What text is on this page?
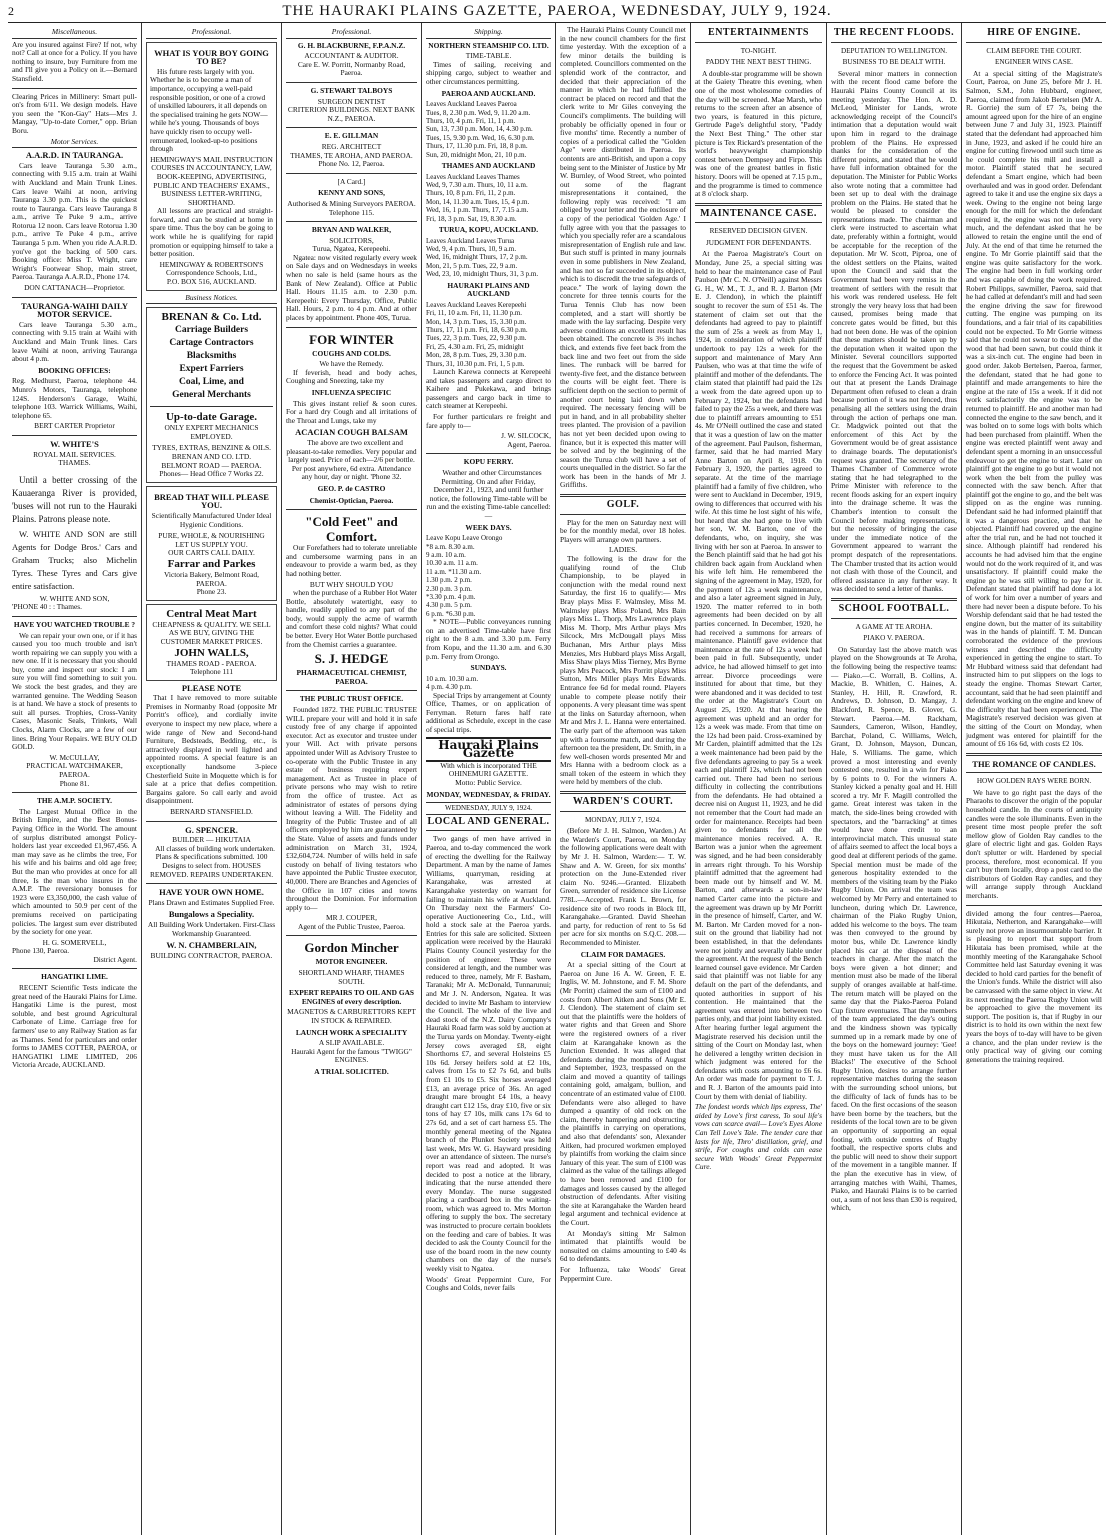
2	THE HAURAKI PLAINS GAZETTE, PAEROA, WEDNESDAY, JULY 9, 1924.
Miscellaneous.

Are you insured against Fire? If not, why not? Call at once for a Policy. If you have nothing to insure, buy Furniture from me and I'll give you a Policy on it.—Bernard Stansfield.

Clearing Prices in Millinery: Smart pull-on's from 6/11. We design models. Have you seen the "Kon-Gay" Hats—Mrs J. Mangay, "Up-to-date Corner," opp. Brian Boru.

Motor Services.
A.A.R.D. IN TAURANGA.

Cars leave Tauranga 5.30 a.m., connecting with 9.15 a.m. train at Waihi with Auckland and Main Trunk Lines. Cars leave Waihi at noon, arriving Tauranga 3.30 p.m. This is the quickest route to Tauranga. Cars leave Tauranga 8 a.m., arrive Te Puke 9 a.m., arrive Rotorua 12 noon. Cars leave Rotorua 1.30 p.m., arrive Te Puke 4 p.m., arrive Tauranga 5 p.m. When you ride A.A.R.D. you've got the backing of 500 cars. Booking office: Miss T. Wright, care Wright's Footwear Shop, main street, Paeroa. Tauranga A.A.R.D., Phone 174.

DON CATTANACH—Proprietor.
TAURANGA-WAIHI DAILY MOTOR SERVICE.

Cars leave Tauranga 5.30 a.m., connecting with 9.15 train at Waihi with Auckland and Main Trunk lines. Cars leave Waihi at noon, arriving Tauranga about 4 p.m.

BOOKING OFFICES:

Reg. Medhurst, Paeroa, telephone 44. Munro's Motors, Tauranga, telephone 124S. Henderson's Garage, Waihi, telephone 103. Warrick Williams, Waihi, telephone 65.

BERT CARTER Proprietor
W. WHITE'S
ROYAL MAIL SERVICES.
THAMES.

Until a better crossing of the Kauaeranga River is provided, 'buses will not run to the Hauraki Plains. Patrons please note.

W. WHITE AND SON are still Agents for Dodge Bros.' Cars and Graham Trucks; also Michelin Tyres. These Tyres and Cars give entire satisfaction.

W. WHITE AND SON,
'PHONE 40 : : Thames.
HAVE YOU WATCHED TROUBLE ?

We can repair your own one, or if it has caused you too much trouble and isn't worth repairing we can supply you with a new one. If it is necessary that you should buy, come and inspect our stock: I am sure you will find something to suit you. We stock the best grades, and they are warranted genuine. The Wedding Season is at hand. We have a stock of presents to suit all purses. Trophies, Cross-Vanity Cases, Masonic Seals, Trinkets, Wall Clocks, Alarm Clocks, are a few of our lines. Bring Your Repairs. WE BUY OLD GOLD.

W. McCULLAY,
PRACTICAL WATCHMAKER, PAEROA.
Phone 81.
THE A.M.P. SOCIETY.

The Largest Mutual Office in the British Empire, and the Best Bonus-Paying Office in the World. The amount of surplus distributed amongst Policy-holders last year exceeded £1,967,456. A man may save as he climbs the tree, For his wife and his bairns and old age free; But the man who provides at once for all three, Is the man who insures in the A.M.P. The reversionary bonuses for 1923 were £3,350,000, the cash value of which amounted to 50.9 per cent of the premiums received on participating policies. The largest sum ever distributed by the society for one year.

H. G. SOMERVELL,
Phone 130, Paeroa.
District Agent.
HANGATIKI LIME.

RECENT Scientific Tests indicate the great need of the Hauraki Plains for Lime. Hangatiki Lime is the purest, most soluble, and best ground Agricultural Carbonate of Lime. Carriage free for farmers' use to any Railway Station as far as Thames. Send for particulars and order forms to JAMES COTTER, PAEROA, or HANGATIKI LIME LIMITED, 206 Victoria Arcade, AUCKLAND.

Professional.
WHAT IS YOUR BOY GOING TO BE?

His future rests largely with you. Whether he is to become a man of importance, occupying a well-paid responsible position, or one of a crowd of unskilled labourers, it all depends on the specialised training he gets NOW—while he's young. Thousands of boys have quickly risen to occupy well-remunerated, looked-up-to positions through

HEMINGWAY'S MAIL INSTRUCTION COURSES IN ACCOUNTANCY, LAW, BOOK-KEEPING, ADVERTISING, PUBLIC AND TEACHERS' EXAMS., BUSINESS LETTER-WRITING, SHORTHAND.

All lessons are practical and straight-forward, and can be studied at home in spare time. Thus the boy can be going to work while he is qualifying for rapid promotion or equipping himself to take a better position.

HEMINGWAY & ROBERTSON'S
Correspondence Schools, Ltd.,
P.O. BOX 516, AUCKLAND.
Business Notices.
BRENAN & Co. Ltd.
Carriage Builders
Cartage Contractors
Blacksmiths
Expert Farriers
Coal, Lime, and
General Merchants
Up-to-date Garage.
ONLY EXPERT MECHANICS EMPLOYED.
TYRES, EXTRAS, BENZINE & OILS.
BRENAN AND CO. LTD.
BELMONT ROAD — PAEROA.
Phones— Head Office 7 Works 22.
BREAD THAT WILL PLEASE YOU.
Scientifically Manufactured Under Ideal Hygienic Conditions.
PURE, WHOLE, & NOURISHING
LET US SUPPLY YOU.
OUR CARTS CALL DAILY.
Farrar and Parkes
Victoria Bakery, Belmont Road,
PAEROA.
Phone 23.
Central Meat Mart
CHEAPNESS & QUALITY. WE SELL AS WE BUY, GIVING THE CUSTOMER MARKET PRICES.
JOHN WALLS,
THAMES ROAD - PAEROA.
Telephone 111
PLEASE NOTE

That I have removed to more suitable Premises in Normanby Road (opposite Mr Porritt's office), and cordially invite everyone to inspect my new place, where a wide range of New and Second-hand Furniture, Bedsteads, Bedding, etc., is attractively displayed in well lighted and appointed rooms. A special feature is an exceptionally handsome 3-piece Chesterfield Suite in Moquette which is for sale at a price that defies competition. Bargains galore. So call early and avoid disappointment.

BERNARD STANSFIELD.
G. SPENCER.
BUILDER — HIKUTAIA

All classes of building work undertaken. Plans & specifications submitted. 100 Designs to select from. HOUSES REMOVED. REPAIRS UNDERTAKEN.

HAVE YOUR OWN HOME.
Plans Drawn and Estimates Supplied Free.
Bungalows a Speciality.
All Building Work Undertaken. First-Class Workmanship Guaranteed.
W. N. CHAMBERLAIN,
BUILDING CONTRACTOR, PAEROA.
Professional.
G. H. BLACKBURNE, F.P.A.N.Z.
ACCOUNTANT & AUDITOR.
Care E. W. Porritt, Normanby Road, Paeroa.
G. STEWART TALBOYS
SURGEON DENTIST
CRITERION BUILDINGS. NEXT BANK N.Z., PAEROA.
E. E. GILLMAN
REG. ARCHITECT
THAMES, TE AROHA, AND PAEROA.
Phone No. 12, Paeroa.
[A Card.]
KENNY AND SONS,
Authorised & Mining Surveyors PAEROA.
Telephone 115.
BRYAN AND WALKER,
SOLICITORS,
Turua, Ngatea, Kerepeehi.

Ngatea: now visited regularly every week on Sale days and on Wednesdays in weeks when no sale is held (same hours as the Bank of New Zealand). Office at Public Hall. Hours 11.15 a.m. to 2.30 p.m. Kerepeehi: Every Thursday, Office, Public Hall. Hours, 2 p.m. to 4 p.m. And at other places by appointment. Phone 40S, Turua.

FOR WINTER
COUGHS AND COLDS.
We have the Remedy.

If feverish, head and body aches, Coughing and Sneezing, take my

INFLUENZA SPECIFIC

This gives instant relief & soon cures. For a hard dry Cough and all irritations of the Throat and Lungs, take my

ACACIAN COUGH BALSAM

The above are two excellent and pleasant-to-take remedies. Very popular and largely used. Price of each—2/6 per bottle. Per post anywhere, 6d extra. Attendance any hour, day or night. 'Phone 32.

GEO. P. de CASTRO
Chemist-Optician, Paeroa.
"Cold Feet" and Comfort.

Our Forefathers had to tolerate unreliable and cumbersome warming pans in an endeavour to provide a warm bed, as they had nothing better.

BUT WHY SHOULD YOU

when the purchase of a Rubber Hot Water Bottle, absolutely watertight, easy to handle, readily applied to any part of the body, would supply the acme of warmth and comfort these cold nights? What could be better. Every Hot Water Bottle purchased from the Chemist carries a guarantee.

S. J. HEDGE
PHARMACEUTICAL CHEMIST, PAEROA.
THE PUBLIC TRUST OFFICE.

Founded 1872. THE PUBLIC TRUSTEE WILL prepare your will and hold it in safe custody free of any charge if appointed executor. Act as executor and trustee under your Will. Act with private persons appointed under Will as Advisory Trustee to co-operate with the Public Trustee in any estate of business requiring expert management. Act as Trustee in place of private persons who may wish to retire from the office of trustee. Act as administrator of estates of persons dying without leaving a Will. The Fidelity and Integrity of the Public Trustee and of all officers employed by him are guaranteed by the State. Value of assets and funds under administration on March 31, 1924, £32,604,724. Number of wills held in safe custody on behalf of living testators who have appointed the Public Trustee executor, 40,000. There are Branches and Agencies of the Office in 107 cities and towns throughout the Dominion. For information apply to—

MR J. COUPER,
Agent of the Public Trustee, Paeroa.
Gordon Mincher
MOTOR ENGINEER.
SHORTLAND WHARF, THAMES SOUTH.
EXPERT REPAIRS TO OIL AND GAS ENGINES of every description.
MAGNETOS & CARBURETTORS KEPT IN STOCK & REPAIRED.
LAUNCH WORK A SPECIALITY
A SLIP AVAILABLE.
Hauraki Agent for the famous "TWIGG" ENGINES.
A TRIAL SOLICITED.
Shipping.
NORTHERN STEAMSHIP CO. LTD.
TIME-TABLE.

Times of sailing, receiving and shipping cargo, subject to weather and other circumstances permitting.

PAEROA AND AUCKLAND.
Leaves Auckland Leaves Paeroa
Tues, 8, 2.30 p.m. Wed, 9, 11.20 a.m.
Thurs, 10, 4 p.m. Fri, 11, 1 p.m.
Sun, 13, 7.30 p.m. Mon, 14, 4.30 p.m.
Tues, 15, 9.30 p.m. Wed, 16, 6.30 p.m.
Thurs, 17, 11.30 p.m. Fri, 18, 8 p.m.
Sun, 20, midnight Mon, 21, 10 p.m.
THAMES AND AUCKLAND
Leaves Auckland Leaves Thames
Wed, 9, 7.30 a.m. Thurs, 10, 11 a.m.
Thurs, 10, 8 p.m. Fri, 11, 2 p.m.
Mon, 14, 11.30 a.m. Tues, 15, 4 p.m.
Wed, 16, 1 p.m. Thurs, 17, 7.15 a.m.
Fri, 18, 3 p.m. Sat, 19, 8.30 a.m.
TURUA, KOPU, AUCKLAND.
Leaves Auckland Leaves Turua
Wed, 9, 4 p.m. Thurs, 10, 9 a.m.
Wed, 16, midnight Thurs, 17, 2 p.m.
Mon, 21, 5 p.m. Tues, 22, 9 a.m.
Wed, 23, 10, midnight Thurs, 31, 3 p.m.
HAURAKI PLAINS AND AUCKLAND
Leaves Auckland Leaves Kerepeehi
Fri, 11, 10 a.m. Fri, 11, 11.30 p.m.
Mon, 14, 3 p.m. Tues, 15, 3.30 p.m.
Thurs, 17, 11 p.m. Fri, 18, 6.30 p.m.
Tues, 22, 3 p.m. Tues, 22, 9.30 p.m.
Fri, 25, 4.30 a.m. Fri, 25, midnight
Mon, 28, 8 p.m. Tues, 29, 3.30 p.m.
Thurs, 31, 10.30 p.m. Fri, 1, 5 p.m.

Launch Karewa connects at Kerepeehi and takes passengers and cargo direct to Kaihere and Pukekawa, and brings passengers and cargo back in time to catch steamer at Kerepeehi.

For further particulars re freight and fare apply to—

J. W. SILCOCK,
Agent, Paeroa.
KOPU FERRY.

Weather and other Circumstances Permitting. On and after Friday, December 21, 1923, and until further notice, the following Time-table will be run and the existing Time-table cancelled:—

WEEK DAYS.
Leave Kopu Leave Orongo
*8 a.m. 8.30 a.m.
9 a.m. 10 a.m.
10.30 a.m. 11 a.m.
11 a.m. *11.30 a.m.
1.30 p.m. 2 p.m.
2.30 p.m. 3 p.m.
*3.30 p.m. 4 p.m.
4.30 p.m. 5 p.m.
6 p.m. *6.30 p.m.

* NOTE—Public conveyances running on an advertised Time-table have first right to the 8 a.m. and 3.30 p.m. Ferry from Kopu, and the 11.30 a.m. and 6.30 p.m. Ferry from Orongo.

SUNDAYS.
10 a.m. 10.30 a.m.
4 p.m. 4.30 p.m.

Special Trips by arrangement at County Office, Thames, or on application of Ferryman. Return fares half rate additional as Schedule, except in the case of special trips.

Hauraki Plains Gazette
With which is incorporated THE OHINEMURI GAZETTE.
Motto: Public Service.
MONDAY, WEDNESDAY, & FRIDAY.
WEDNESDAY, JULY 9, 1924.
LOCAL AND GENERAL.

Two gangs of men have arrived in Paeroa, and to-day commenced the work of erecting the dwelling for the Railway Department. A man by the name of James Williams, quarryman, residing at Karangahake, was arrested at Karangahake yesterday on warrant for failing to maintain his wife at Auckland. On Thursday next the Farmers' Co-operative Auctioneering Co., Ltd., will hold a stock sale at the Paeroa yards. Entries for this sale are solicited. Sixteen application were received by the Hauraki Plains County Council yesterday for the position of engineer. These were considered at length, and the number was reduced to three, namely, Mr F. Basham, Taranaki; Mr A. McDonald, Tunnarunui; and Mr J. N. Anderson, Ngatea. It was decided to invite Mr Basham to interview the Council. The whole of the live and dead stock of the N.Z. Dairy Company's Hauraki Road farm was sold by auction at the Turua yards on Monday. Twenty-eight Jersey cows averaged £8, eight Shorthorns £7, and several Holsteins £5 10s 6d. Jersey heifers sold at £2 10s, calves from 15s to £2 7s 6d, and bulls from £1 10s to £5. Six horses averaged £13, an average price of 36s. An aged draught mare brought £4 10s, a heavy draught cart £12 15s, dray £10, five or six tons of hay £7 10s, milk cans 17s 6d to 27s 6d, and a set of cart harness £5. The monthly general meeting of the Ngatea branch of the Plunket Society was held last week, Mrs W. G. Hayward presiding over an attendance of sixteen. The nurse's report was read and adopted. It was decided to post a notice at the library, indicating that the nurse attended there every Monday. The nurse suggested placing a cardboard box in the waiting-room, which was agreed to. Mrs Morton offering to supply the box. The secretary was instructed to procure certain booklets on the feeding and care of babies. It was decided to ask the County Council for the use of the board room in the new county chambers on the day of the nurse's weekly visit to Ngatea.

Woods' Great Peppermint Cure, For Coughs and Colds, never fails

The Hauraki Plains County Council met in the new council chambers for the first time yesterday. With the exception of a few minor details the building is completed. Councillors commented on the splendid work of the contractor, and decided that their appreciation of the manner in which he had fulfilled the contract be placed on record and that the clerk write to Mr Giles conveying the Council's compliments. The building will probably be officially opened in four or five months' time. Recently a number of copies of a periodical called the "Golden Age" were distributed in Paeroa. Its contents are anti-British, and upon a copy being sent to the Minister of Justice by Mr W. Burnley, of Wood Street, who pointed out some of the flagrant misrepresentations it contained, the following reply was received: "I am obliged by your letter and the enclosure of a copy of the periodical 'Golden Age.' I fully agree with you that the passages to which you specially refer are a scandalous misrepresentation of English rule and law. But such stuff is printed in many journals even in some publishers in New Zealand, and has not so far succeeded in its object, which is to discredit the true safeguards of peace." The work of laying down the concrete for three tennis courts for the Turua Tennis Club has now been completed, and a start will shortly be made with the lay surfacing. Despite very adverse conditions an excellent result has been obtained. The concrete is 3½ inches thick, and extends five feet back from the back line and two feet out from the side lines. The runback will be barred for twenty-five feet, and the distance between the courts will be eight feet. There is sufficient depth on the section to permit of another court being laid down when required. The necessary fencing will be put in hand, and in all probability shelter trees planted. The provision of a pavilion has not yet been decided upon owing to finance, but it is expected this matter will be solved and by the beginning of the season the Turua club will have a set of courts unequalled in the district. So far the work has been in the hands of Mr J. Griffiths.

GOLF.

Play for the men on Saturday next will be for the monthly medal, over 18 holes. Players will arrange own partners.

LADIES.

The following is the draw for the qualifying round of the Club Championship, to be played in conjunction with the medal round next Saturday, the first 16 to qualify:— Mrs Bray plays Miss F. Walmsley, Miss M. Walmsley plays Miss Poland, Mrs Bain plays Miss L. Thorp, Mrs Lawrence plays Miss M. Thorp, Mrs Arthur plays Mrs Silcock, Mrs McDougall plays Miss Buchanan, Mrs Arthur plays Miss Menzies, Mrs Hubbard plays Miss Argall, Miss Shaw plays Miss Tierney, Mrs Byrne plays Mrs Peacock, Mrs Porritt plays Miss Sutton, Mrs Miller plays Mrs Edwards. Entrance fee 6d for medal round. Players unable to compete please notify their opponents. A very pleasant time was spent at the links on Saturday afternoon, when Mr and Mrs J. L. Hanna were entertained. The early part of the afternoon was taken up with a foursome match, and during the afternoon tea the president, Dr. Smith, in a few well-chosen words presented Mr and Mrs Hanna with a bedroom clock as a small token of the esteem in which they were held by members of the club.

WARDEN'S COURT.
MONDAY, JULY 7, 1924.

(Before Mr J. H. Salmon, Warden.) At the Warden's Court, Paeroa, on Monday the following applications were dealt with by Mr J. H. Salmon, Warden:— T. W. Shaw and A. W. Green, for six months' protection on the June-Extended river claim No. 9246.—Granted. Elizabeth Green, surrender of residence site License 778L.—Accepted. Frank L. Brown, for residence site of two roods in Block III, Karangahake.—Granted. David Sheehan and party, for reduction of rent to 5s 6d per acre for six months on S.Q.C. 208.—Recommended to Minister.

CLAIM FOR DAMAGES.

At a special sitting of the Court at Paeroa on June 16 A. W. Green, F. E. Inglis, W. M. Johnstone, and F. M. Shore (Mr Porritt) claimed the sum of £100 and costs from Albert Aitken and Sons (Mr E. J. Clendon). The statement of claim set out that the plaintiffs were the holders of water rights and that Green and Shore were the registered owners of a river claim at Karangahake known as the Junction Extended. It was alleged that defendants during the months of August and September, 1923, trespassed on the claim and moved a quantity of tailings containing gold, amalgam, bullion, and concentrate of an estimated value of £100. Defendants were also alleged to have dumped a quantity of old rock on the claim, thereby hampering and obstructing the plaintiffs in carrying on operations, and also that defendants' son, Alexander Aitken, had procured workmen employed by plaintiffs from working the claim since January of this year. The sum of £100 was claimed as the value of the tailings alleged to have been removed and £100 for damages and losses caused by the alleged obstruction of defendants. After visiting the site at Karangahake the Warden heard legal argument and technical evidence at the Court.

At Monday's sitting Mr Salmon intimated that plaintiffs would be nonsuited on claims amounting to £40 4s 6d to defendants.

For Influenza, take Woods' Great Peppermint Cure.

ENTERTAINMENTS
TO-NIGHT.
PADDY THE NEXT BEST THING.

A double-star programme will be shown at the Gaiety Theatre this evening, when one of the most wholesome comedies of the day will be screened. Mae Marsh, who returns to the screen after an absence of two years, is featured in this picture, Gertrude Page's delightful story, "Paddy the Next Best Thing." The other star picture is Tex Rickard's presentation of the world's heavyweight championship contest between Dempsey and Firpo. This was one of the greatest battles in fistic history. Doors will be opened at 7.15 p.m., and the programme is timed to commence at 8 o'clock sharp.

MAINTENANCE CASE.
RESERVED DECISION GIVEN.
JUDGMENT FOR DEFENDANTS.

At the Paeroa Magistrate's Court on Monday, June 25, a special sitting was held to hear the maintenance case of Paul Paulson (Mr C. N. O'Neill) against Messrs G. H., W. M., T. J., and R. J. Barton (Mr E. J. Clendon), in which the plaintiff sought to recover the sum of £51 4s. The statement of claim set out that the defendants had agreed to pay to plaintiff the sum of 25s a week as from May 1, 1924, in consideration of which plaintiff undertook to pay 12s a week for the support and maintenance of Mary Ann Paulsen, who was at that time the wife of plaintiff and mother of the defendants. The claim stated that plaintiff had paid the 12s a week from the date agreed upon up to February 2, 1924, but the defendants had failed to pay the 25s a week, and there was due to plaintiff arrears amounting to £51 4s. Mr O'Neill outlined the case and stated that it was a question of law on the matter of the agreement. Paul Paulson, fisherman, farmer, said that he had married Mary Anne Barton on April 8, 1918. On February 3, 1920, the parties agreed to separate. At the time of the marriage plaintiff had a family of five children, who were sent to Auckland in December, 1919, owing to differences that occurred with his wife. At this time he lost sight of his wife, but heard that she had gone to live with her son, W. M. Barton, one of the defendants, who, on inquiry, she was living with her son at Paeroa. In answer to the Bench plaintiff said that he had got his children back again from Auckland when his wife left him. He remembered the signing of the agreement in May, 1920, for the payment of 12s a week maintenance, and also a later agreement signed in July, 1920. The matter referred to in both agreements had been decided on by all parties concerned. In December, 1920, he had received a summons for arrears of maintenance. Plaintiff gave evidence that maintenance at the rate of 12s a week had been paid in full. Subsequently, under advice, he had allowed himself to get into arrear. Divorce proceedings were instituted for about that time, but they were abandoned and it was decided to test the order at the Magistrate's Court on August 25, 1920. At that hearing the agreement was upheld and an order for 12s a week was made. From that time on the 12s had been paid. Cross-examined by Mr Carden, plaintiff admitted that the 12s a week maintenance had been paid by the five defendants agreeing to pay 5s a week each and plaintiff 12s, which had not been carried out. There had been no serious difficulty in collecting the contributions from the defendants. He had obtained a decree nisi on August 11, 1923, and he did not remember that the Court had made an order for maintenance. Receipts had been given to defendants for all the maintenance monies received. A. R. Barton was a junior when the agreement was signed, and he had been considerably in arrears right through. To his Worship plaintiff admitted that the agreement had been made out by himself and W. M. Barton, and afterwards a son-in-law named Carter came into the picture and the agreement was drawn up by Mr Porritt in the presence of himself, Carter, and W. M. Barton. Mr Carden moved for a non-suit on the ground that liability had not been established, in that the defendants were not jointly and severally liable under the agreement. At the request of the Bench learned counsel gave evidence. Mr Carden said that plaintiff was not liable for any default on the part of the defendants, and quoted authorities in support of his contention. He maintained that the agreement was entered into between two parties only, and that joint liability existed. After hearing further legal argument the Magistrate reserved his decision until the sitting of the Court on Monday last, when he delivered a lengthy written decision in which judgment was entered for the defendants with costs amounting to £6 6s. An order was made for payment to T. J. and R. J. Barton of the amounts paid into Court by them with denial of liability.

The fondest words which lips express, The' aided by Love's first caress, To soul life's vows can scarce avail— Love's Eyes Alone Can Tell Love's Tale. The tender care that lasts for life, Thro' distillation, grief, and strife, For coughs and colds can ease secure With Woods' Great Peppermint Cure.

THE RECENT FLOODS.
DEPUTATION TO WELLINGTON.
BUSINESS TO BE DEALT WITH.

Several minor matters in connection with the recent flood came before the Hauraki Plains County Council at its meeting yesterday. The Hon. A. D. McLeod, Minister for Lands, wrote acknowledging receipt of the Council's intimation that a deputation would wait upon him in regard to the drainage problem of the Plains. He expressed thanks for the consideration of the different points, and stated that he would have full information obtained for the deputation. The Minister for Public Works also wrote noting that a committee had been set up to deal with the drainage problem on the Plains. He stated that he would be pleased to consider the representations made. The chairman and clerk were instructed to ascertain what date, preferably within a fortnight, would be acceptable for the reception of the deputation. Mr W. Scott, Piproa, one of the oldest settlers on the Plains, waited upon the Council and said that the Government had been very remiss in the treatment of settlers with the result that his work was rendered useless. He felt strongly the very heavy loss that had been caused, promises being made that concrete gates would be fitted, but this had not been done. He was of the opinion that these matters should be taken up by the deputation when it waited upon the Minister. Several councillors supported the request that the Government be asked to enforce the Fencing Act. It was pointed out that at present the Lands Drainage Department often refused to clean a drain because portion of it was not fenced, thus penalising all the settlers using the drain through the action of perhaps one man. Cr. Madgwick pointed out that the enforcement of this Act by the Government would be of great assistance to drainage boards. The deputationist's request was granted. The secretary of the Thames Chamber of Commerce wrote stating that he had telegraphed to the Prime Minister with reference to the recent floods asking for an expert inquiry into the drainage scheme. It was the Chamber's intention to consult the Council before making representations, but the necessity of bringing the case under the immediate notice of the Government appeared to warrant the prompt despatch of the representations. The Chamber trusted that its action would not clash with those of the Council, and offered assistance in any further way. It was decided to send a letter of thanks.

SCHOOL FOOTBALL.
A GAME AT TE AROHA.
PIAKO V. PAEROA.

On Saturday last the above match was played on the Showgrounds at Te Aroha, the following being the respective teams:— Piako.—C. Worrall, B. Collins, A. Mackie, B. Whitlen, C. Haines, A. Stanley, H. Hill, R. Crawford, R. Andrews, D. Johnson, D. Mangay, J. Blackford, R. Spence, B. Glover, G. Stewart. Paeroa.—M. Rackham, Saunders, Cameron, Wilson, Handley, Barchat, Poland, C. Williams, Welch, Grant, D. Johnson, Mayson, Duncan, Hale, S. Williams. The game, which proved a most interesting and evenly contested one, resulted in a win for Piako by 6 points to 0. For the winners A. Stanley kicked a penalty goal and H. Hill scored a try. Mr F. Magill controlled the game. Great interest was taken in the match, the side-lines being crowded with spectators, and the "barracking" at times would have done credit to an interprovincial match. This unusual state of affairs seemed to affect the local boys a good deal at different periods of the game. Special mention must be made of the generous hospitality extended to the members of the visiting team by the Piako Rugby Union. On arrival the team was welcomed by Mr Perry and entertained to luncheon, during which Dr. Lawrence, chairman of the Piako Rugby Union, added his welcome to the boys. The team was then conveyed to the ground by motor bus, while Dr. Lawrence kindly placed his car at the disposal of the teachers in charge. After the match the boys were given a hot dinner; and mention must also be made of the liberal supply of oranges available at half-time. The return match will be played on the same day that the Piako-Paeroa Poland Cup fixture eventuates. That the members of the team appreciated the day's outing and the kindness shown was typically summed up in a remark made by one of the boys on the homeward journey: 'Gee! they must have taken us for the All Blacks!' The executive of the School Rugby Union, desires to arrange further representative matches during the season with the surrounding school unions, but the difficulty of lack of funds has to be faced. On the first occasions of the season have been borne by the teachers, but the residents of the local town are to be given an opportunity of supporting an equal footing, with outside centres of Rugby football, the respective sports clubs and the public will need to show their support of the movement in a tangible manner. If the plan the executive has in view, of arranging matches with Waihi, Thames, Piako, and Hauraki Plains is to be carried out, a sum of not less than £30 is required, which,

HIRE OF ENGINE.
CLAIM BEFORE THE COURT.
ENGINEER WINS CASE.

At a special sitting of the Magistrate's Court, Paeroa, on June 25, before Mr J. H. Salmon, S.M., John Hubbard, engineer, Paeroa, claimed from Jakob Bertelsen (Mr A. R. Gorrie) the sum of £7 7s, being the amount agreed upon for the hire of an engine between June 7 and July 31, 1923. Plaintiff stated that the defendant had approached him in June, 1923, and asked if he could hire an engine for cutting firewood until such time as he could complete his mill and install a motor. Plaintiff stated that he secured defendant a Smart engine, which had been overhauled and was in good order. Defendant agreed to take it and use the engine six days a week. Owing to the engine not being large enough for the mill for which the defendant required it, the engine was not in use very much, and the defendant asked that he be allowed to retain the engine until the end of July. At the end of that time he returned the engine. To Mr Gorrie plaintiff said that the engine was quite satisfactory for the work. The engine had been in full working order and was capable of doing the work required. Robert Philipps, sawmiller, Paeroa, said that he had called at defendant's mill and had seen the engine driving the saw for firewood cutting. The engine was pumping on its foundations, and a fair trial of its capabilities could not be expected. To Mr Gorrie witness said that he could not swear to the size of the wood that had been sawn, but could think it was a six-inch cut. The engine had been in good order. Jakob Bertelsen, Paeroa, farmer, the defendant, stated that he had gone to plaintiff and made arrangements to hire the engine at the rate of 15s a week. If it did not work satisfactorily the engine was to be returned to plaintiff. He and another man had connected the engine to the saw bench, and it was bolted on to some logs with bolts which had been purchased from plaintiff. When the engine was erected plaintiff went away and defendant spent a morning in an unsuccessful endeavour to get the engine to start. Later on plaintiff got the engine to go but it would not work when the belt from the pulley was connected with the saw bench. After that plaintiff got the engine to go, and the belt was slipped on as the engine was running. Defendant said he had informed plaintiff that it was a dangerous practice, and that he objected. Plaintiff had covered up the engine after the trial run, and he had not touched it since. Although plaintiff had rendered his accounts he had advised him that the engine would not do the work required of it, and was unsatisfactory. If plaintiff could make the engine go he was still willing to pay for it. Defendant stated that plaintiff had done a lot of work for him over a number of years and there had never been a dispute before. To his Worship defendant said that he had tested the engine down, but the matter of its suitability was in the hands of plaintiff. T. M. Duncan corroborated the evidence of the previous witness and described the difficulty experienced in getting the engine to start. To Mr Hubbard witness said that defendant had instructed him to put slippers on the logs to steady the engine. Thomas Stewart Carter, accountant, said that he had seen plaintiff and defendant working on the engine and knew of the difficulty that had been experienced. The Magistrate's reserved decision was given at the sitting of the Court on Monday, when judgment was entered for plaintiff for the amount of £6 16s 6d, with costs £2 10s.

THE ROMANCE OF CANDLES.
HOW GOLDEN RAYS WERE BORN.

We have to go right past the days of the Pharaohs to discover the origin of the popular household candle. In the courts of antiquity candles were the sole illuminants. Even in the present time most people prefer the soft mellow glow of Golden Ray candles to the glare of electric light and gas. Golden Rays don't splutter or wilt. Hardened by special process, therefore, most economical. If you can't buy them locally, drop a post card to the distributors of Golden Ray candles, and they will arrange supply through Auckland merchants.

divided among the four centres—Paeroa, Hikutaia, Netherton, and Karangahake—will surely not prove an insurmountable barrier. It is pleasing to report that support from Hikutaia has been promised, while at the monthly meeting of the Karangahake School Committee held last Saturday evening it was decided to hold card parties for the benefit of the Union's funds. While the district will also be canvassed with the same object in view. At its next meeting the Paeroa Rugby Union will be approached to give the movement its support. The position is, that if Rugby in our district is to hold its own within the next few years the boys of to-day will have to be given a chance, and the plan under review is the only practical way of giving our coming generations the training required.
